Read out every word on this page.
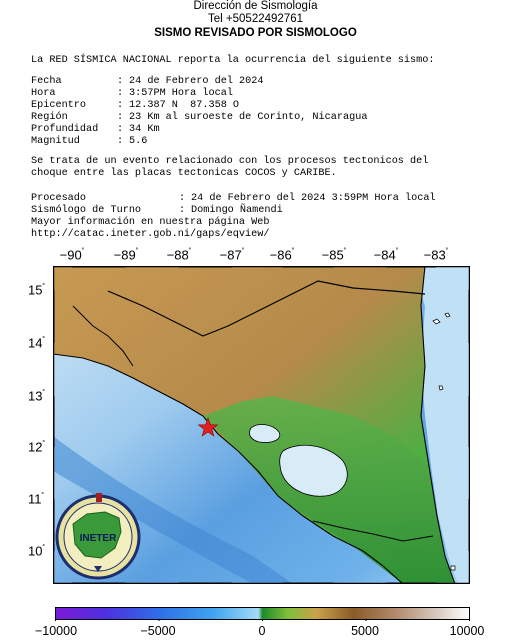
Dirección de Sismología
Tel +50522492761
SISMO REVISADO POR SISMOLOGO
La RED SÍSMICA NACIONAL reporta la ocurrencia del siguiente sismo:
Fecha	: 24 de Febrero del 2024
Hora	: 3:57PM Hora local
Epicentro	: 12.387 N  87.358 O
Región	: 23 Km al suroeste de Corinto, Nicaragua
Profundidad : 34 Km
Magnitud	: 5.6
Se trata de un evento relacionado con los procesos tectonicos del
choque entre las placas tectonicas COCOS y CARIBE.
Procesado	: 24 de Febrero del 2024 3:59PM Hora local
Sismólogo de Turno	: Domingo Ñamendi
Mayor información en nuestra página Web
http://catac.ineter.gob.ni/gaps/eqview/
−90˚ −89˚ −88˚ −87˚ −86˚ −85˚ −84˚ −83˚
15˚
14˚
13˚
12˚
11˚
10˚
INETER
−10000	−5000	0	5000	10000
